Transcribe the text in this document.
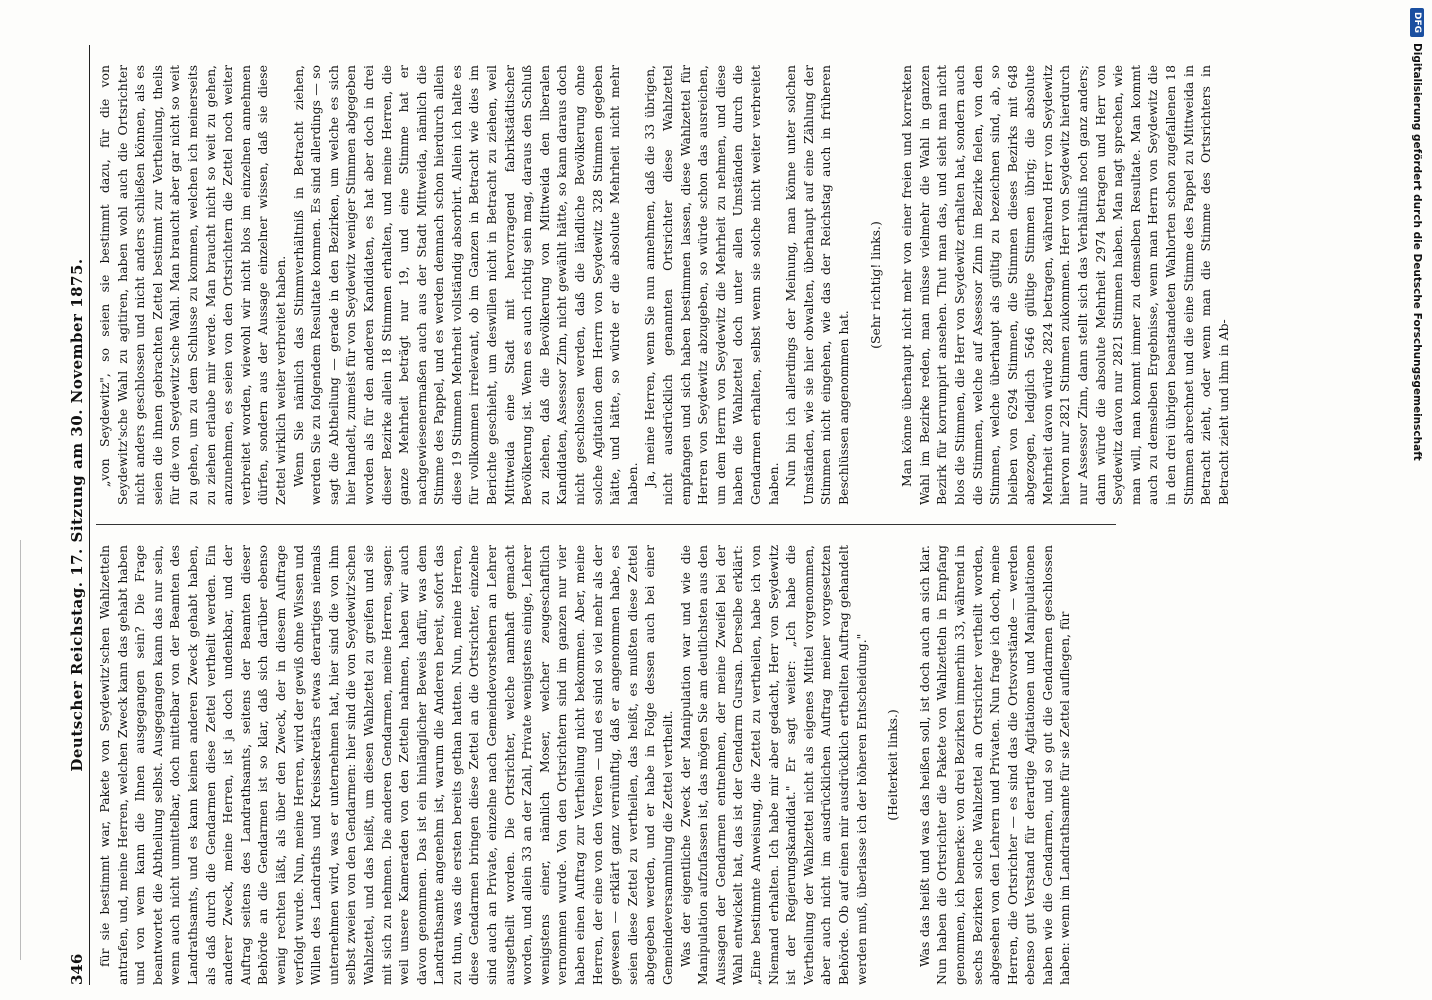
346
Deutscher Reichstag. 17. Sitzung am 30. November 1875. für sie bestimmt war, Pakete von Seydewitz'schen Wahlzetteln antrafen, und, meine Herren, welchen Zweck kann das gehabt haben und von wem kann die Ihnen ausgegangen sein? Die Frage beantwortet die Abtheilung selbst. Ausgegangen kann das nur sein, wenn auch nicht unmittelbar, doch mittelbar von der Beamten des Landrathsamts, und es kann keinen anderen Zweck gehabt haben, als daß durch die Gendarmen diese Zettel vertheilt werden. Ein anderer Zweck, meine Herren, ist ja doch undenkbar, und der Auftrag seitens des Landrathsamts, seitens der Beamten dieser Behörde an die Gendarmen ist so klar, daß sich darüber ebenso wenig rechten läßt, als über den Zweck, der in diesem Auftrage verfolgt wurde. Nun, meine Herren, wird der gewiß ohne Wissen und Willen des Landraths und Kreissekretärs etwas derartiges niemals unternehmen wird, was er unternehmen hat, hier sind die von ihm selbst zweien von den Gendarmen: hier sind die von Seydewitz'schen Wahlzettel, und das heißt, um diesen Wahlzettel zu greifen und sie mit sich zu nehmen. Die anderen Gendarmen, meine Herren, sagen: weil unsere Kameraden von den Zetteln nahmen, haben wir auch davon genommen. Das ist ein hinlänglicher Beweis dafür, was dem Landrathsamte angenehm ist, warum die Anderen bereit, sofort das zu thun, was die ersten bereits gethan hatten. Nun, meine Herren, diese Gendarmen bringen diese Zettel an die Ortsrichter, einzelne sind auch an Private, einzelne nach Gemeindevorstehern an Lehrer ausgetheilt worden. Die Ortsrichter, welche namhaft gemacht worden, und allein 33 an der Zahl, Private wenigstens einige, Lehrer wenigstens einer, nämlich Moser, welcher zeugeschaftlich vernommen wurde. Von den Ortsrichtern sind im ganzen nur vier haben einen Auftrag zur Vertheilung nicht bekommen. Aber, meine Herren, der eine von den Vieren — und es sind so viel mehr als der gewesen — erklärt ganz vernünftig, daß er angenommen habe, es seien diese Zettel zu vertheilen, das heißt, es mußten diese Zettel abgegeben werden, und er habe in Folge dessen auch bei einer Gemeindeversammlung die Zettel vertheilt. Was der eigentliche Zweck der Manipulation war und wie die Manipulation aufzufassen ist, das mögen Sie am deutlichsten aus den Aussagen der Gendarmen entnehmen, der meine Zweifel bei der Wahl entwickelt hat, das ist der Gendarm Gursan. Derselbe erklärt: „Eine bestimmte Anweisung, die Zettel zu vertheilen, habe ich von Niemand erhalten. Ich habe mir aber gedacht, Herr von Seydewitz ist der Regierungskandidat." Er sagt weiter: „Ich habe die Vertheilung der Wahlzettel nicht als eigenes Mittel vorgenommen, aber auch nicht im ausdrücklichen Auftrag meiner vorgesetzten Behörde. Ob auf einen mir ausdrücklich ertheilten Auftrag gehandelt werden muß, überlasse ich der höheren Entscheidung." (Heiterkeit links.) Was das heißt und was das heißen soll, ist doch auch an sich klar. Nun haben die Ortsrichter die Pakete von Wahlzetteln in Empfang genommen, ich bemerke: von drei Bezirken immerhin 33, während in sechs Bezirken solche Wahlzettel an Ortsrichter vertheilt worden, abgesehen von den Lehrern und Privaten. Nun frage ich doch, meine Herren, die Ortsrichter — es sind das die Ortsvorstände — werden ebenso gut Verstand für derartige Agitationen und Manipulationen haben wie die Gendarmen, und so gut die Gendarmen geschlossen haben: wenn im Landrathsamte für sie Zettel aufliegen, für

„von Seydewitz", so seien sie bestimmt dazu, für die von Seydewitz'sche Wahl zu agitiren, haben wohl auch die Ortsrichter nicht anders geschlossen und nicht anders schließen können, als es seien die ihnen gebrachten Zettel bestimmt zur Vertheilung, theils für die von Seydewitz'sche Wahl. Man braucht aber gar nicht so weit zu gehen, um zu dem Schlusse zu kommen, welchen ich meinerseits zu ziehen erlaube mir werde. Man braucht nicht so weit zu gehen, anzunehmen, es seien von den Ortsrichtern die Zettel noch weiter verbreitet worden, wiewohl wir nicht blos im einzelnen annehmen dürfen, sondern aus der Aussage einzelner wissen, daß sie diese Zettel wirklich weiter verbreitet haben. Wenn Sie nämlich das Stimmverhältniß in Betracht ziehen, werden Sie zu folgendem Resultate kommen. Es sind allerdings — so sagt die Abtheilung — gerade in den Bezirken, um welche es sich hier handelt, zumeist für von Seydewitz weniger Stimmen abgegeben worden als für den anderen Kandidaten, es hat aber doch in drei dieser Bezirke allein 18 Stimmen erhalten, und meine Herren, die ganze Mehrheit beträgt nur 19, und eine Stimme hat er nachgewiesenermaßen auch aus der Stadt Mittweida, nämlich die Stimme des Pappel, und es werden demnach schon hierdurch allein diese 19 Stimmen Mehrheit vollständig absorbirt. Allein ich halte es für vollkommen irrelevant, ob im Ganzen in Betracht wie dies im Berichte geschieht, um deswillen nicht in Betracht zu ziehen, weil Mittweida eine Stadt mit hervorragend fabrikstädtischer Bevölkerung ist. Wenn es auch richtig sein mag, daraus den Schluß zu ziehen, daß die Bevölkerung von Mittweida den liberalen Kandidaten, Assessor Zinn, nicht gewählt hätte, so kann daraus doch nicht geschlossen werden, daß die ländliche Bevölkerung ohne solche Agitation dem Herrn von Seydewitz 328 Stimmen gegeben hätte, und hätte, so würde er die absolute Mehrheit nicht mehr haben. Ja, meine Herren, wenn Sie nun annehmen, daß die 33 übrigen, nicht ausdrücklich genannten Ortsrichter diese Wahlzettel empfangen und sich haben bestimmen lassen, diese Wahlzettel für Herren von Seydewitz abzugeben, so würde schon das ausreichen, um dem Herrn von Seydewitz die Mehrheit zu nehmen, und diese haben die Wahlzettel doch unter allen Umständen durch die Gendarmen erhalten, selbst wenn sie solche nicht weiter verbreitet haben. Nun bin ich allerdings der Meinung, man könne unter solchen Umständen, wie sie hier obwalten, überhaupt auf eine Zählung der Stimmen nicht eingehen, wie das der Reichstag auch in früheren Beschlüssen angenommen hat.

(Sehr richtig! links.) Man könne überhaupt nicht mehr von einer freien und korrekten Wahl im Bezirke reden, man müsse vielmehr die Wahl in ganzen Bezirk für korrumpirt ansehen. Thut man das, und sieht man nicht blos die Stimmen, die Herr von Seydewitz erhalten hat, sondern auch die Stimmen, welche auf Assessor Zinn im Bezirke fielen, von den Stimmen, welche überhaupt als gültig zu bezeichnen sind, ab, so bleiben von 6294 Stimmen, die Stimmen dieses Bezirks mit 648 abgezogen, lediglich 5646 gültige Stimmen übrig; die absolute Mehrheit davon würde 2824 betragen, während Herr von Seydewitz hiervon nur 2821 Stimmen zukommen. Herr von Seydewitz hierdurch nur Assessor Zinn, dann stellt sich das Verhältniß noch ganz anders; dann würde die absolute Mehrheit 2974 betragen und Herr von Seydewitz davon nur 2821 Stimmen haben. Man nagt sprechen, wie man will, man kommt immer zu demselben Resultate. Man kommt auch zu demselben Ergebnisse, wenn man Herrn von Seydewitz die in den drei übrigen beanstandeten Wahlorten schon zugefallenen 18 Stimmen abrechnet und die eine Stimme des Pappel zu Mittweida in Betracht zieht, oder wenn man die Stimme des Ortsrichters in Betracht zieht und ihm in Ab-

DFG
Digitalisierung gefördert durch die Deutsche Forschungsgemeinschaft
